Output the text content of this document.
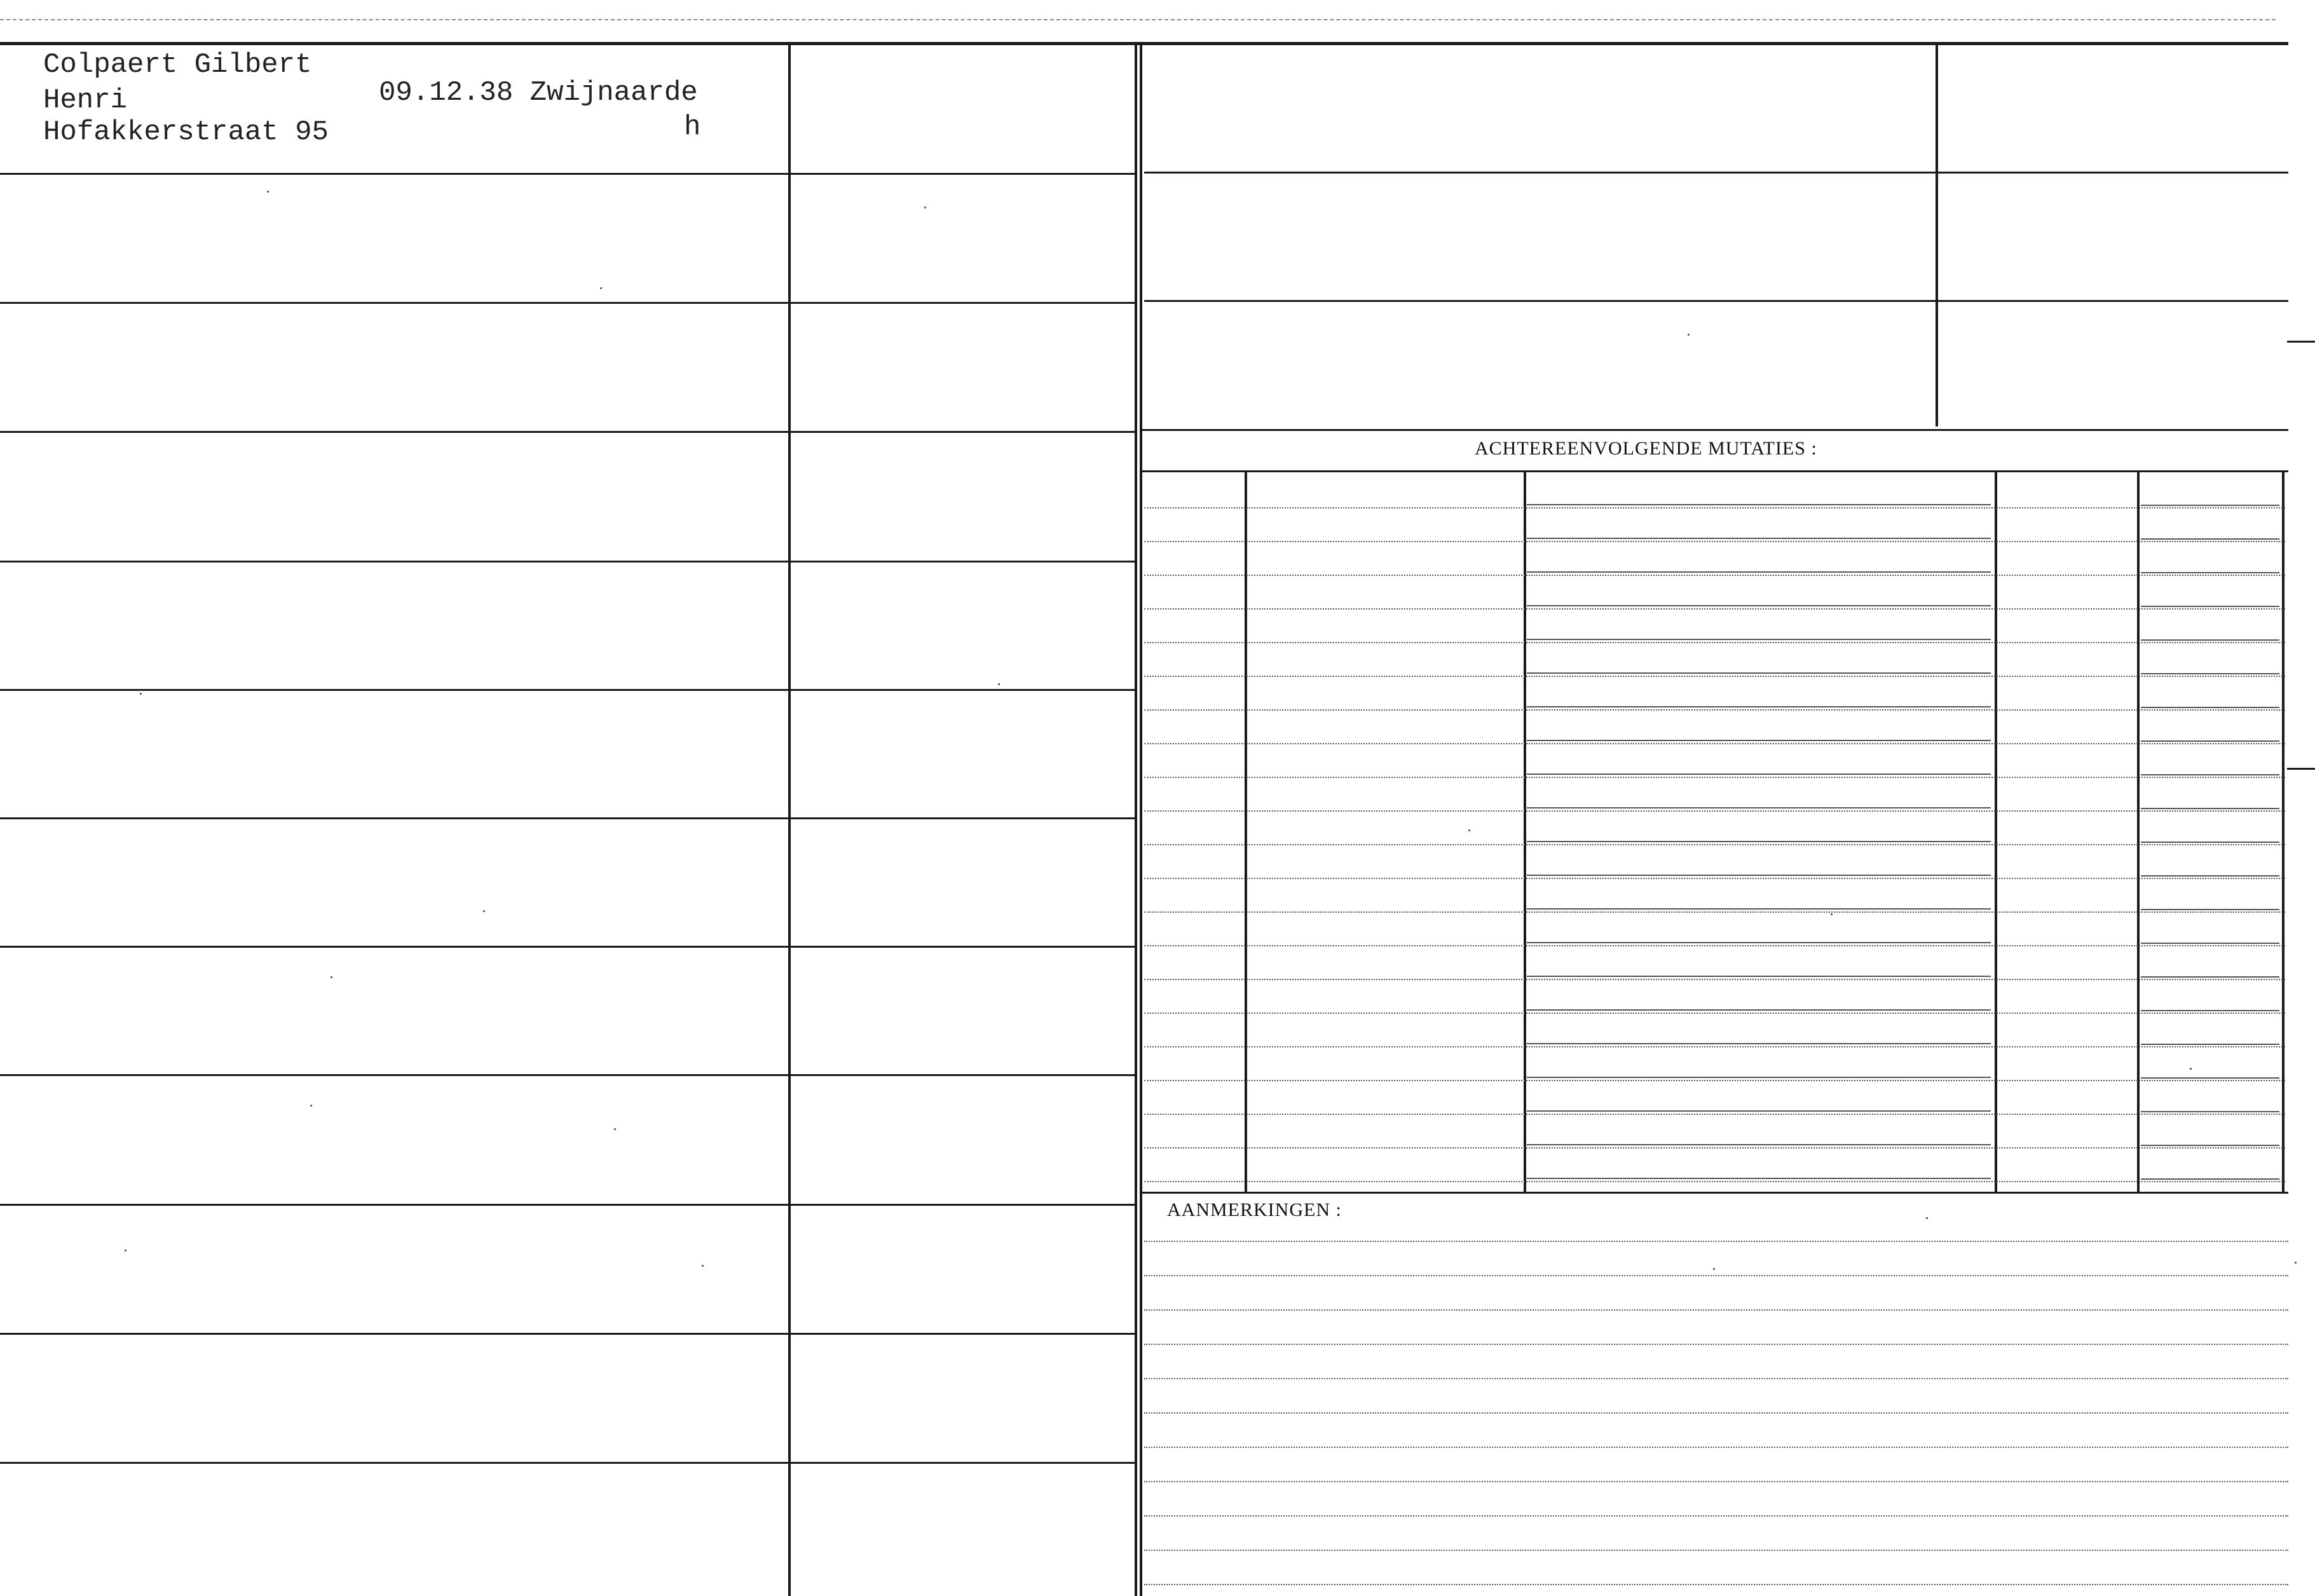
Colpaert Gilbert
Henri
Hofakkerstraat 95
09.12.38 Zwijnaarde
h
ACHTEREENVOLGENDE MUTATIES :
AANMERKINGEN :
